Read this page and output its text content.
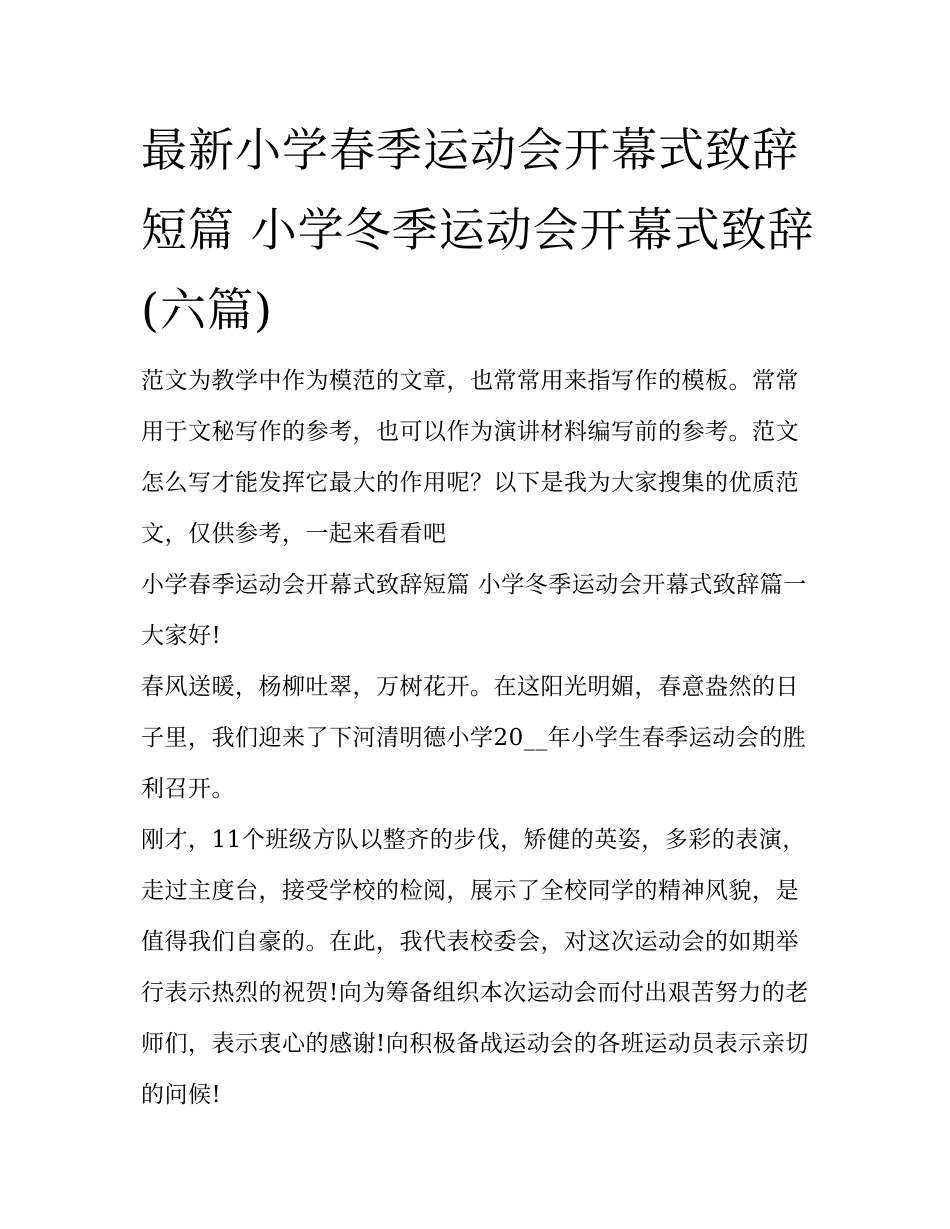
最新小学春季运动会开幕式致辞短篇 小学冬季运动会开幕式致辞(六篇)

范文为教学中作为模范的文章，也常常用来指写作的模板。常常用于文秘写作的参考，也可以作为演讲材料编写前的参考。范文怎么写才能发挥它最大的作用呢？以下是我为大家搜集的优质范文，仅供参考，一起来看看吧

小学春季运动会开幕式致辞短篇 小学冬季运动会开幕式致辞篇一 大家好!

春风送暖，杨柳吐翠，万树花开。在这阳光明媚，春意盎然的日子里，我们迎来了下河清明德小学20__年小学生春季运动会的胜利召开。

刚才，11个班级方队以整齐的步伐，矫健的英姿，多彩的表演，走过主度台，接受学校的检阅，展示了全校同学的精神风貌，是值得我们自豪的。在此，我代表校委会，对这次运动会的如期举行表示热烈的祝贺!向为筹备组织本次运动会而付出艰苦努力的老师们，表示衷心的感谢!向积极备战运动会的各班运动员表示亲切的问候!
